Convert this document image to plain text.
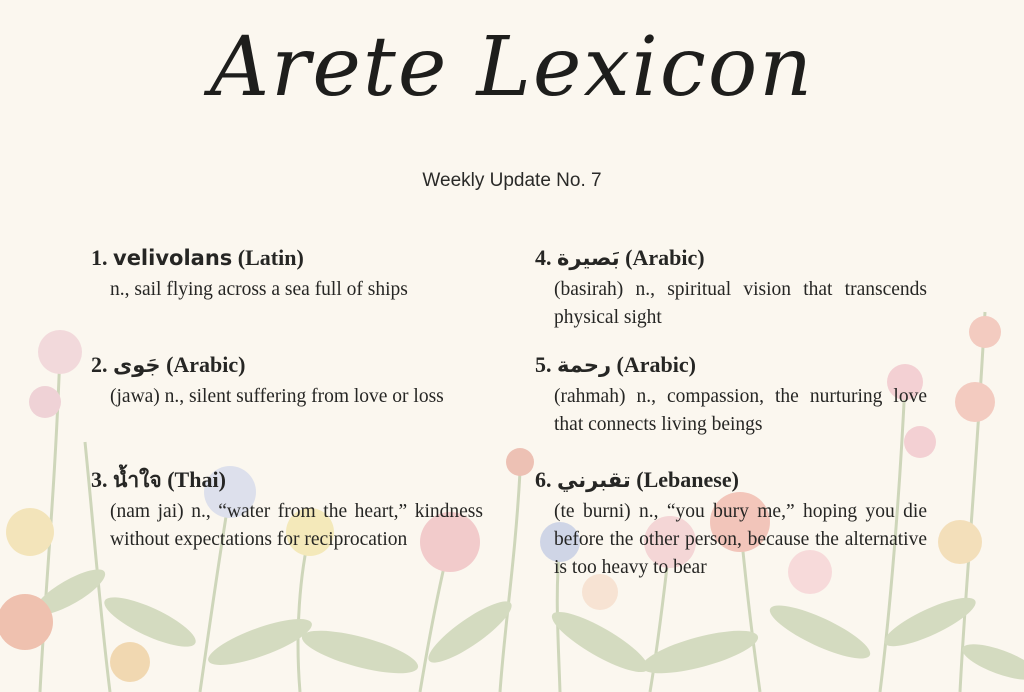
Arete Lexicon
Weekly Update No. 7
1. velivolans (Latin)

n., sail flying across a sea full of ships

2. جَوى (Arabic)

(jawa) n., silent suffering from love or loss

3. น้ำใจ (Thai)

(nam jai) n., “water from the heart,” kindness without expectations for reciprocation

4. بَصيرة (Arabic)

(basirah) n., spiritual vision that transcends physical sight

5. رحمة (Arabic)

(rahmah) n., compassion, the nurturing love that connects living beings

6. تقبرني (Lebanese)

(te burni) n., “you bury me,” hoping you die before the other person, because the alternative is too heavy to bear
